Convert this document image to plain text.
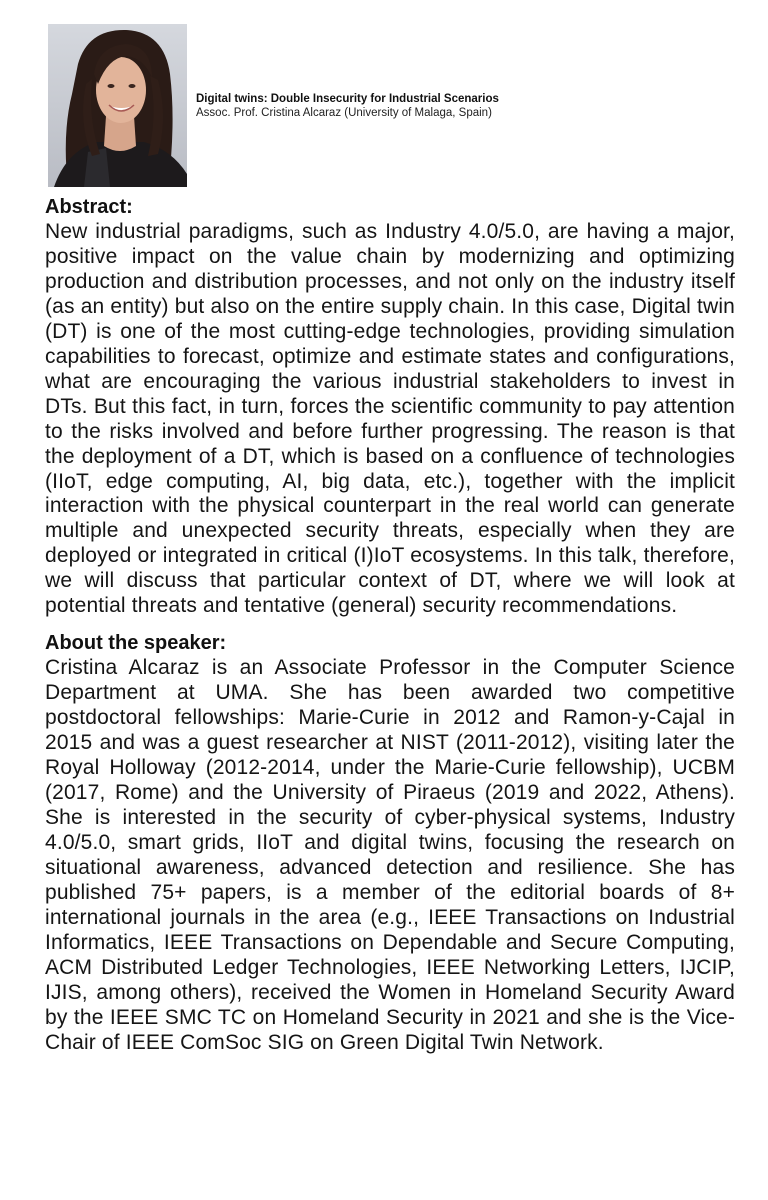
Digital twins: Double Insecurity for Industrial Scenarios
Assoc. Prof. Cristina Alcaraz (University of Malaga, Spain)
Abstract:

New industrial paradigms, such as Industry 4.0/5.0, are having a major, positive impact on the value chain by modernizing and optimizing production and distribution processes, and not only on the industry itself (as an entity) but also on the entire supply chain. In this case, Digital twin (DT) is one of the most cutting-edge technologies, providing simulation capabilities to forecast, optimize and estimate states and configurations, what are encouraging the various industrial stakeholders to invest in DTs. But this fact, in turn, forces the scientific community to pay attention to the risks involved and before further progressing. The reason is that the deployment of a DT, which is based on a confluence of technologies (IIoT, edge computing, AI, big data, etc.), together with the implicit interaction with the physical counterpart in the real world can generate multiple and unexpected security threats, especially when they are deployed or integrated in critical (I)IoT ecosystems. In this talk, therefore, we will discuss that particular context of DT, where we will look at potential threats and tentative (general) security recommendations.

About the speaker:

Cristina Alcaraz is an Associate Professor in the Computer Science Department at UMA. She has been awarded two competitive postdoctoral fellowships: Marie-Curie in 2012 and Ramon-y-Cajal in 2015 and was a guest researcher at NIST (2011-2012), visiting later the Royal Holloway (2012-2014, under the Marie-Curie fellowship), UCBM (2017, Rome) and the University of Piraeus (2019 and 2022, Athens). She is interested in the security of cyber-physical systems, Industry 4.0/5.0, smart grids, IIoT and digital twins, focusing the research on situational awareness, advanced detection and resilience. She has published 75+ papers, is a member of the editorial boards of 8+ international journals in the area (e.g., IEEE Transactions on Industrial Informatics, IEEE Transactions on Dependable and Secure Computing, ACM Distributed Ledger Technologies, IEEE Networking Letters, IJCIP, IJIS, among others), received the Women in Homeland Security Award by the IEEE SMC TC on Homeland Security in 2021 and she is the Vice-Chair of IEEE ComSoc SIG on Green Digital Twin Network.
